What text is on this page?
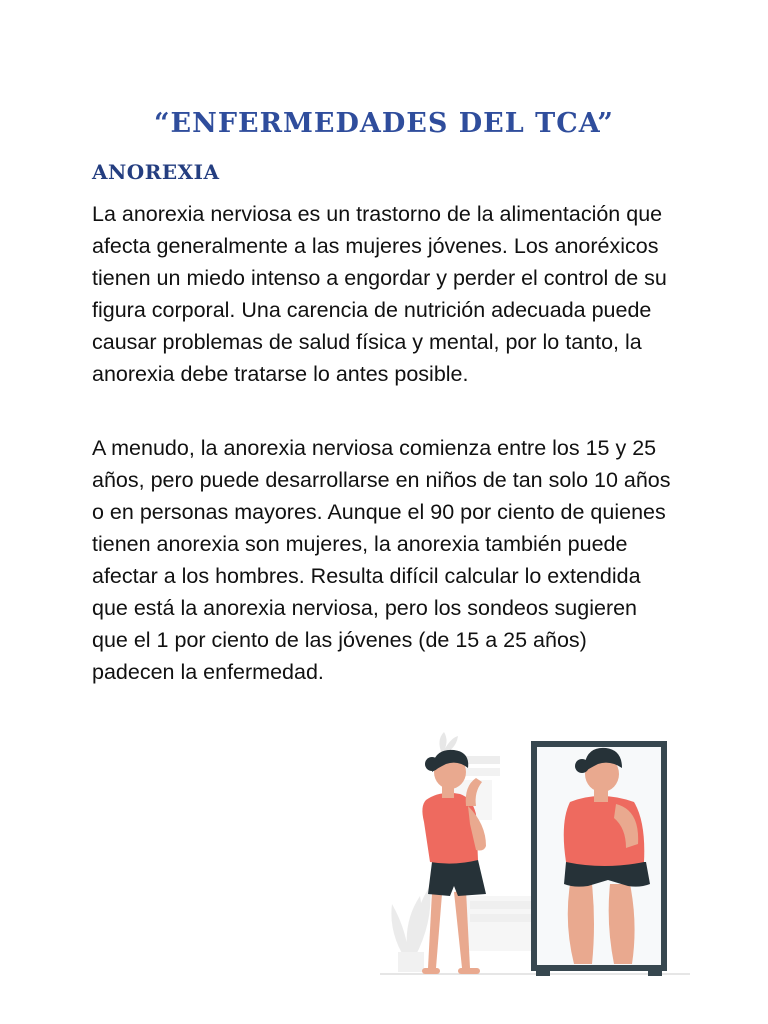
“ENFERMEDADES DEL TCA”
ANOREXIA

La anorexia nerviosa es un trastorno de la alimentación que afecta generalmente a las mujeres jóvenes. Los anoréxicos tienen un miedo intenso a engordar y perder el control de su figura corporal. Una carencia de nutrición adecuada puede causar problemas de salud física y mental, por lo tanto, la anorexia debe tratarse lo antes posible.

A menudo, la anorexia nerviosa comienza entre los 15 y 25 años, pero puede desarrollarse en niños de tan solo 10 años o en personas mayores. Aunque el 90 por ciento de quienes tienen anorexia son mujeres, la anorexia también puede afectar a los hombres. Resulta difícil calcular lo extendida que está la anorexia nerviosa, pero los sondeos sugieren que el 1 por ciento de las jóvenes (de 15 a 25 años) padecen la enfermedad.
